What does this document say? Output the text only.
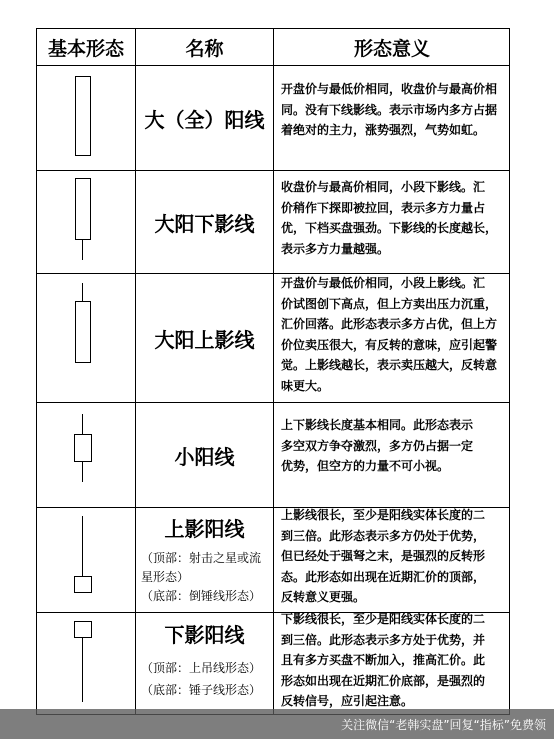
基本形态	名称	形态意义
大（全）阳线
开盘价与最低价相同，收盘价与最高价相
同。没有下线影线。表示市场内多方占据
着绝对的主力，涨势强烈，气势如虹。
大阳下影线
收盘价与最高价相同，小段下影线。汇
价稍作下探即被拉回，表示多方力量占
优，下档买盘强劲。下影线的长度越长，
表示多方力量越强。
大阳上影线
开盘价与最低价相同，小段上影线。汇
价试图创下高点，但上方卖出压力沉重，
汇价回落。此形态表示多方占优，但上方
价位卖压很大，有反转的意味，应引起警
觉。上影线越长，表示卖压越大，反转意
味更大。
小阳线
上下影线长度基本相同。此形态表示
多空双方争夺激烈，多方仍占据一定
优势，但空方的力量不可小视。
上影阳线
（顶部：射击之星或流
星形态）
（底部：倒锤线形态）
上影线很长，至少是阳线实体长度的二
到三倍。此形态表示多方仍处于优势，
但已经处于强弩之末，是强烈的反转形
态。此形态如出现在近期汇价的顶部，
反转意义更强。
下影阳线
（顶部：上吊线形态）
（底部：锤子线形态）
下影线很长，至少是阳线实体长度的二
到三倍。此形态表示多方处于优势，并
且有多方买盘不断加入，推高汇价。此
形态如出现在近期汇价底部，是强烈的
反转信号，应引起注意。
关注微信“老韩实盘”回复“指标”免费领
